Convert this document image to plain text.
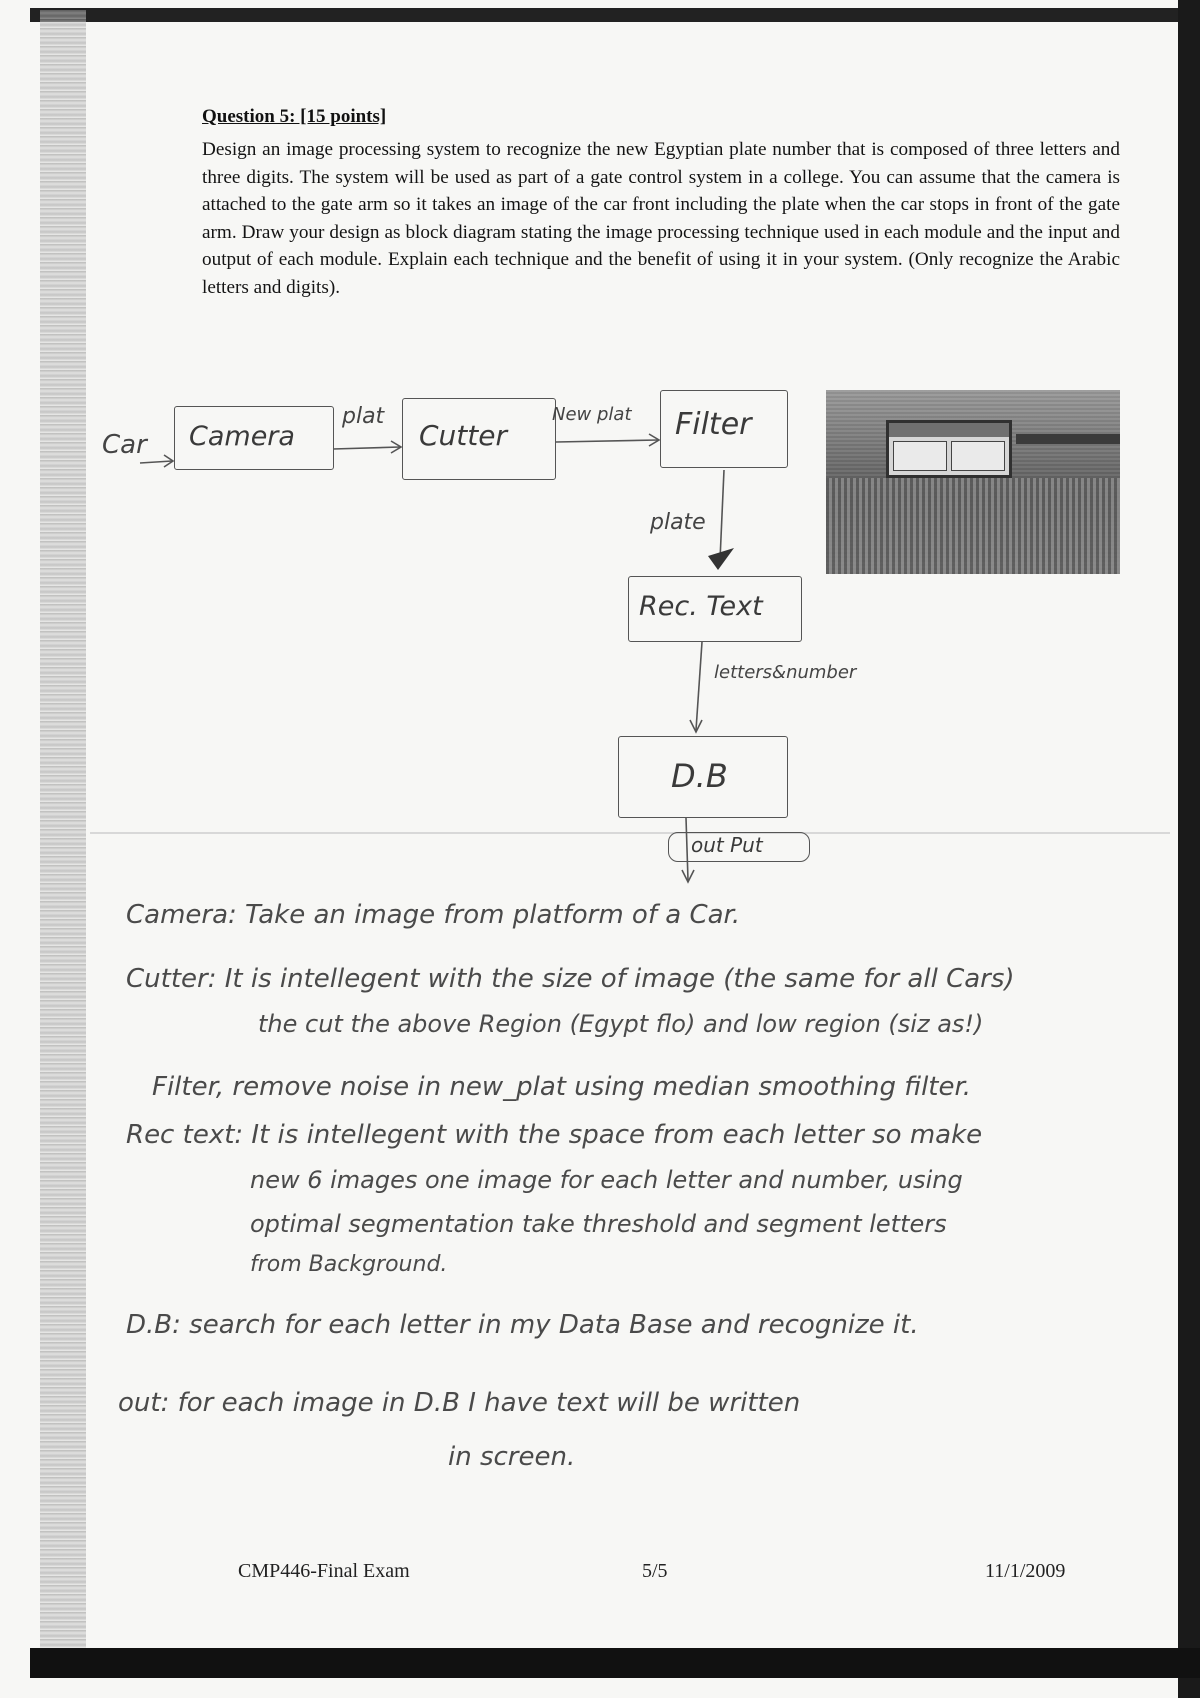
Question 5: [15 points]
Design an image processing system to recognize the new Egyptian plate number that is composed of three letters and three digits. The system will be used as part of a gate control system in a college. You can assume that the camera is attached to the gate arm so it takes an image of the car front including the plate when the car stops in front of the gate arm. Draw your design as block diagram stating the image processing technique used in each module and the input and output of each module. Explain each technique and the benefit of using it in your system. (Only recognize the Arabic letters and digits).
Car Camera
plat
Cutter
New plat Filter
plate
Rec. Text
letters&number
D.B
out Put
Camera: Take an image from platform of a Car.
Cutter: It is intellegent with the size of image (the same for all Cars)
the cut the above Region (Egypt flo) and low region (siz as!)
Filter, remove noise in new_plat using median smoothing filter.
Rec text: It is intellegent with the space from each letter so make
new 6 images one image for each letter and number, using
optimal segmentation take threshold and segment letters
from Background.
D.B: search for each letter in my Data Base and recognize it.
out: for each image in D.B I have text will be written
in screen.
CMP446-Final Exam	5/5	11/1/2009
